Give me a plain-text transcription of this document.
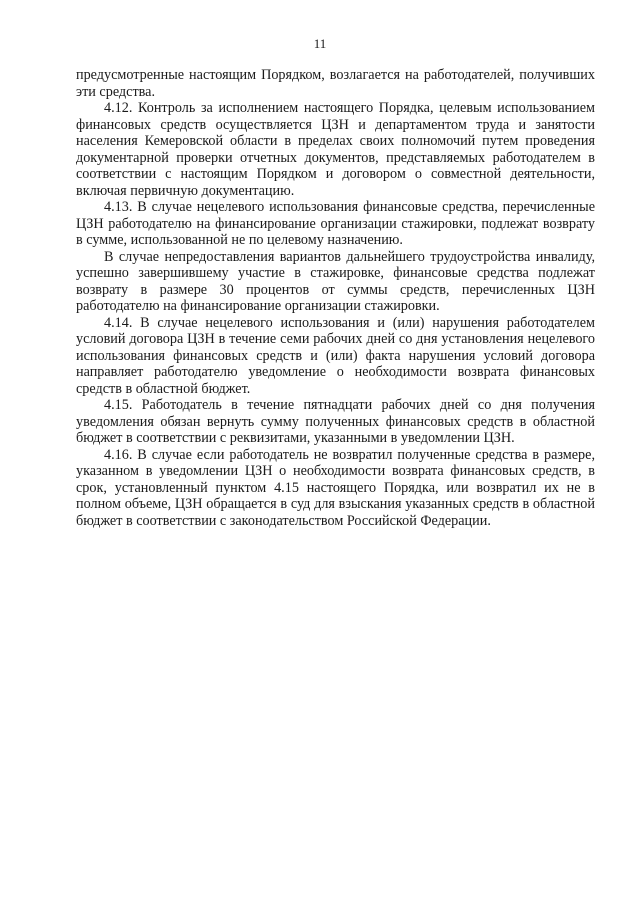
11

предусмотренные настоящим Порядком, возлагается на работодателей, получивших эти средства.

4.12. Контроль за исполнением настоящего Порядка, целевым использованием финансовых средств осуществляется ЦЗН и департаментом труда и занятости населения Кемеровской области в пределах своих полномочий путем проведения документарной проверки отчетных документов, представляемых работодателем в соответствии с настоящим Порядком и договором о совместной деятельности, включая первичную документацию.

4.13. В случае нецелевого использования финансовые средства, перечисленные ЦЗН работодателю на финансирование организации стажировки, подлежат возврату в сумме, использованной не по целевому назначению.

В случае непредоставления вариантов дальнейшего трудоустройства инвалиду, успешно завершившему участие в стажировке, финансовые средства подлежат возврату в размере 30 процентов от суммы средств, перечисленных ЦЗН работодателю на финансирование организации стажировки.

4.14. В случае нецелевого использования и (или) нарушения работодателем условий договора ЦЗН в течение семи рабочих дней со дня установления нецелевого использования финансовых средств и (или) факта нарушения условий договора направляет работодателю уведомление о необходимости возврата финансовых средств в областной бюджет.

4.15. Работодатель в течение пятнадцати рабочих дней со дня получения уведомления обязан вернуть сумму полученных финансовых средств в областной бюджет в соответствии с реквизитами, указанными в уведомлении ЦЗН.

4.16. В случае если работодатель не возвратил полученные средства в размере, указанном в уведомлении ЦЗН о необходимости возврата финансовых средств, в срок, установленный пунктом 4.15 настоящего Порядка, или возвратил их не в полном объеме, ЦЗН обращается в суд для взыскания указанных средств в областной бюджет в соответствии с законодательством Российской Федерации.
